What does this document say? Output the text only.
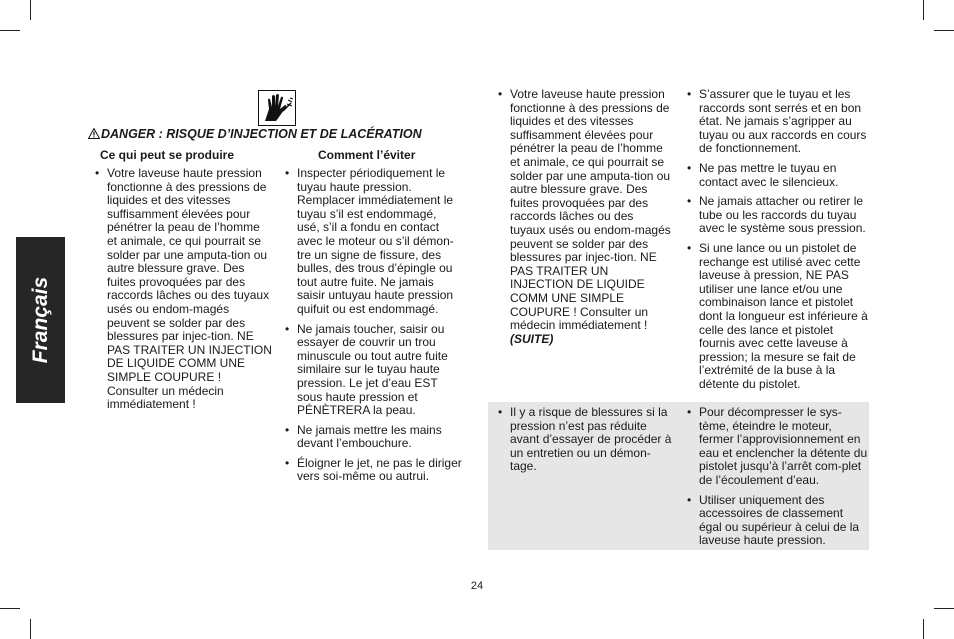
Français
DANGER : RISQUE D’INJECTION ET DE LACÉRATION
Ce qui peut se produire	Comment l’éviter
• Votre laveuse haute pression fonctionne à des pressions de liquides et des vitesses suffisamment élevées pour pénétrer la peau de l’homme et animale, ce qui pourrait se solder par une amputa-tion ou autre blessure grave. Des fuites provoquées par des raccords lâches ou des tuyaux usés ou endom-magés peuvent se solder par des blessures par injec-tion. NE PAS TRAITER UN INJECTION DE LIQUIDE COMM UNE SIMPLE COUPURE ! Consulter un médecin immédiatement !
• Inspecter périodiquement le tuyau haute pression. Remplacer immédiatement le tuyau s’il est endommagé, usé, s’il a fondu en contact avec le moteur ou s’il démon-tre un signe de fissure, des bulles, des trous d’épingle ou tout autre fuite. Ne jamais saisir untuyau haute pression quifuit ou est endommagé.
• Ne jamais toucher, saisir ou essayer de couvrir un trou minuscule ou tout autre fuite similaire sur le tuyau haute pression. Le jet d’eau EST sous haute pression et PÉNÈTRERA la peau.
• Ne jamais mettre les mains devant l’embouchure.
• Éloigner le jet, ne pas le diriger vers soi-même ou autrui.
• Votre laveuse haute pression fonctionne à des pressions de liquides et des vitesses suffisamment élevées pour pénétrer la peau de l’homme et animale, ce qui pourrait se solder par une amputa-tion ou autre blessure grave. Des fuites provoquées par des raccords lâches ou des tuyaux usés ou endom-magés peuvent se solder par des blessures par injec-tion. NE PAS TRAITER UN INJECTION DE LIQUIDE COMM UNE SIMPLE COUPURE ! Consulter un médecin immédiatement !
(SUITE)
• S’assurer que le tuyau et les raccords sont serrés et en bon état. Ne jamais s’agripper au tuyau ou aux raccords en cours de fonctionnement.
• Ne pas mettre le tuyau en contact avec le silencieux.
• Ne jamais attacher ou retirer le tube ou les raccords du tuyau avec le système sous pression.
• Si une lance ou un pistolet de rechange est utilisé avec cette laveuse à pression, NE PAS utiliser une lance et/ou une combinaison lance et pistolet dont la longueur est inférieure à celle des lance et pistolet fournis avec cette laveuse à pression; la mesure se fait de l’extrémité de la buse à la détente du pistolet.
• Il y a risque de blessures si la pression n’est pas réduite avant d’essayer de procéder à un entretien ou un démon-tage.
• Pour décompresser le sys-tème, éteindre le moteur, fermer l’approvisionnement en eau et enclencher la détente du pistolet jusqu’à l’arrêt com-plet de l’écoulement d’eau.
• Utiliser uniquement des accessoires de classement égal ou supérieur à celui de la laveuse haute pression.
24
